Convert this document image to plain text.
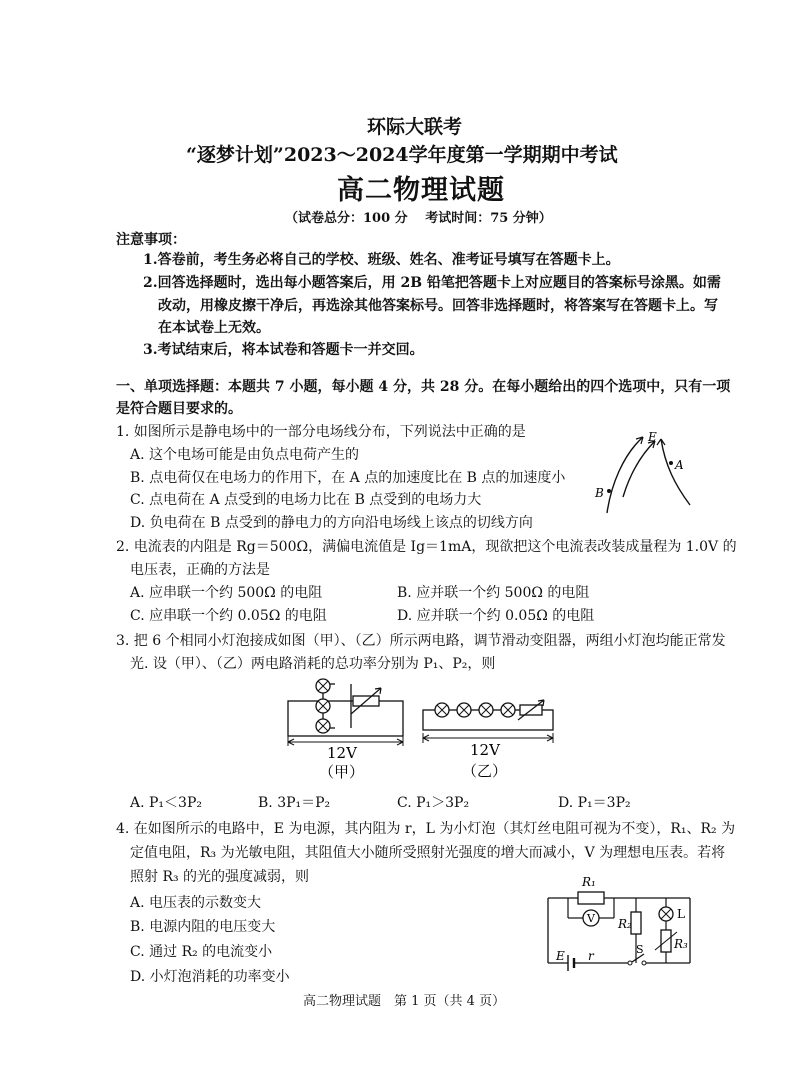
环际大联考
“逐梦计划”2023～2024学年度第一学期期中考试
高二物理试题
（试卷总分：100 分　 考试时间：75 分钟）
注意事项：
1.答卷前，考生务必将自己的学校、班级、姓名、准考证号填写在答题卡上。
2.回答选择题时，选出每小题答案后，用 2B 铅笔把答题卡上对应题目的答案标号涂黑。如需
改动，用橡皮擦干净后，再选涂其他答案标号。回答非选择题时，将答案写在答题卡上。写
在本试卷上无效。
3.考试结束后，将本试卷和答题卡一并交回。
一、单项选择题：本题共 7 小题，每小题 4 分，共 28 分。在每小题给出的四个选项中，只有一项
是符合题目要求的。
1. 如图所示是静电场中的一部分电场线分布，下列说法中正确的是
A. 这个电场可能是由负点电荷产生的
B. 点电荷仅在电场力的作用下，在 A 点的加速度比在 B 点的加速度小
C. 点电荷在 A 点受到的电场力比在 B 点受到的电场力大
D. 负电荷在 B 点受到的静电力的方向沿电场线上该点的切线方向
E
A
B
2. 电流表的内阻是 Rg＝500Ω，满偏电流值是 Ig＝1mA，现欲把这个电流表改装成量程为 1.0V 的
电压表，正确的方法是
A. 应串联一个约 500Ω 的电阻	B. 应并联一个约 500Ω 的电阻
C. 应串联一个约 0.05Ω 的电阻	D. 应并联一个约 0.05Ω 的电阻
3. 把 6 个相同小灯泡接成如图（甲）、（乙）所示两电路，调节滑动变阻器，两组小灯泡均能正常发
光. 设（甲）、（乙）两电路消耗的总功率分别为 P₁、P₂，则
12V
（甲）
12V
（乙）
A. P₁＜3P₂	B. 3P₁＝P₂	C. P₁＞3P₂	D. P₁＝3P₂
4. 在如图所示的电路中，E 为电源，其内阻为 r，L 为小灯泡（其灯丝电阻可视为不变），R₁、R₂ 为
定值电阻，R₃ 为光敏电阻，其阻值大小随所受照射光强度的增大而减小，V 为理想电压表。若将
照射 R₃ 的光的强度减弱，则
A. 电压表的示数变大
B. 电源内阻的电压变大
C. 通过 R₂ 的电流变小
D. 小灯泡消耗的功率变小
V
R₁
R₂
L
R₃
E r	S
高二物理试题　第 1 页（共 4 页）
